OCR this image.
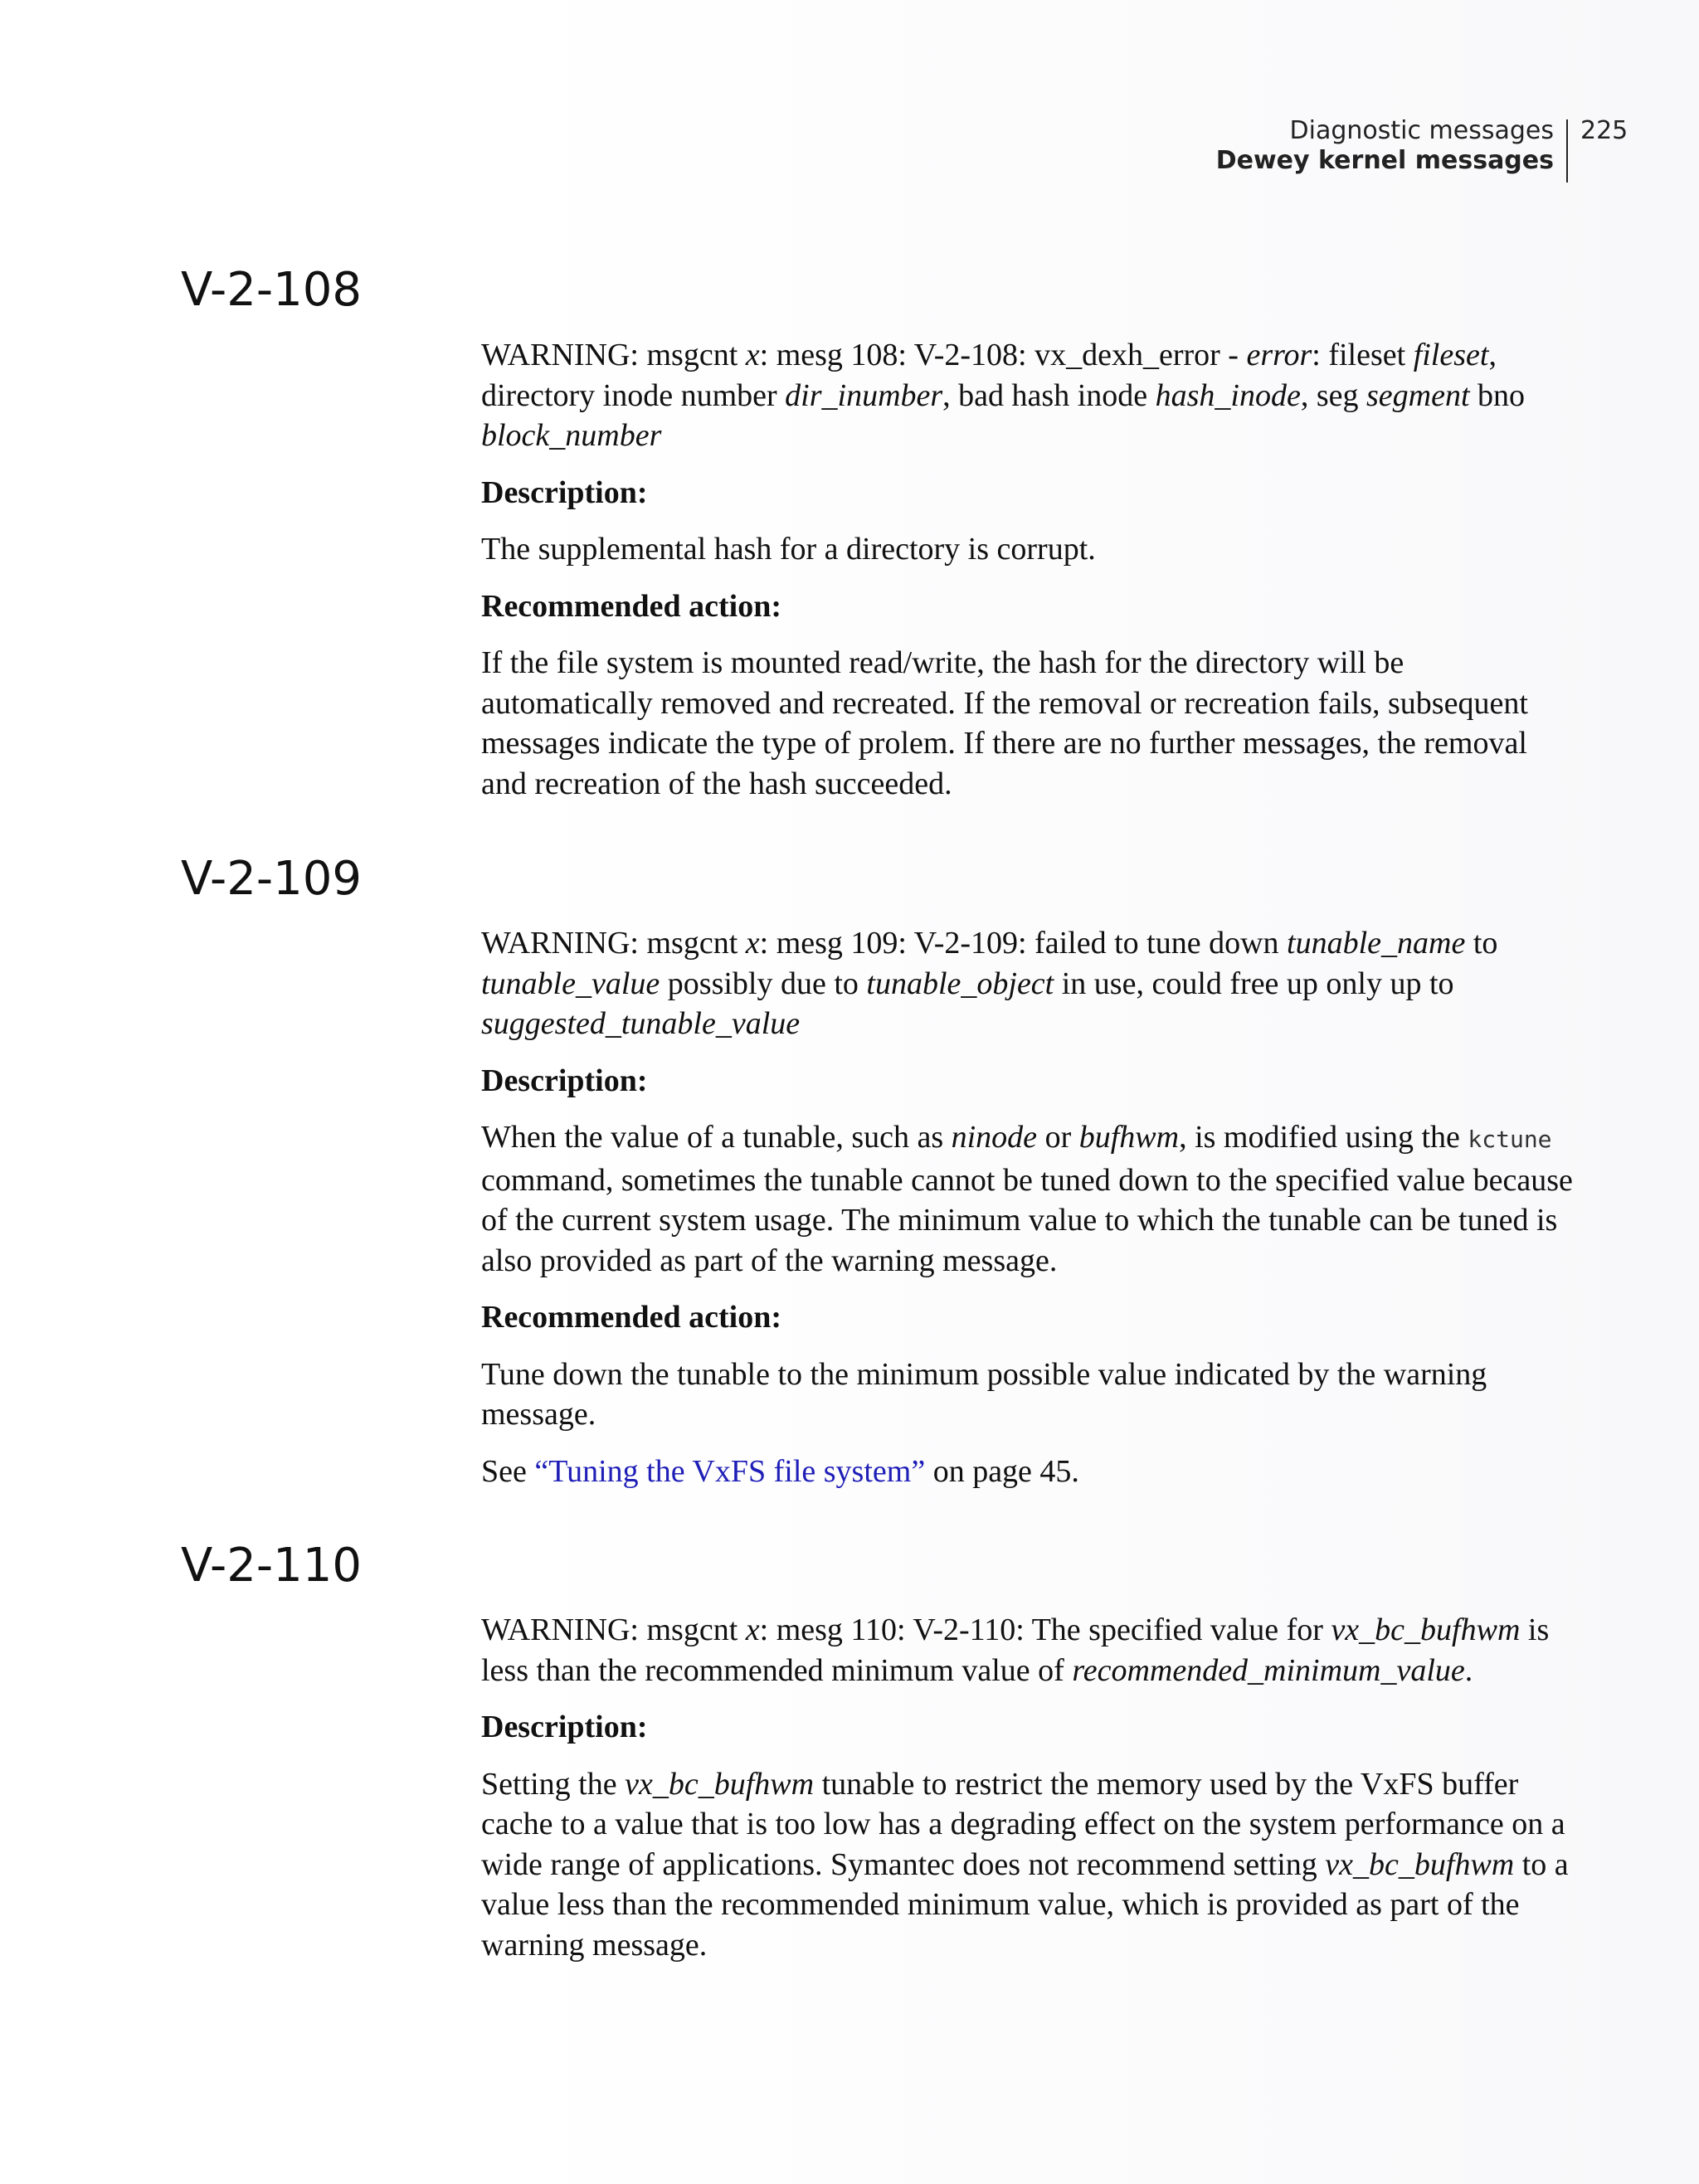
Diagnostic messages
Dewey kernel messages
225
V-2-108

WARNING: msgcnt x: mesg 108: V-2-108: vx_dexh_error - error: fileset fileset, directory inode number dir_inumber, bad hash inode hash_inode, seg segment bno block_number

Description:

The supplemental hash for a directory is corrupt.

Recommended action:

If the file system is mounted read/write, the hash for the directory will be automatically removed and recreated. If the removal or recreation fails, subsequent messages indicate the type of prolem. If there are no further messages, the removal and recreation of the hash succeeded.

V-2-109

WARNING: msgcnt x: mesg 109: V-2-109: failed to tune down tunable_name to tunable_value possibly due to tunable_object in use, could free up only up to suggested_tunable_value

Description:

When the value of a tunable, such as ninode or bufhwm, is modified using the kctune command, sometimes the tunable cannot be tuned down to the specified value because of the current system usage. The minimum value to which the tunable can be tuned is also provided as part of the warning message.

Recommended action:

Tune down the tunable to the minimum possible value indicated by the warning message.

See “Tuning the VxFS file system” on page 45.

V-2-110

WARNING: msgcnt x: mesg 110: V-2-110: The specified value for vx_bc_bufhwm is less than the recommended minimum value of recommended_minimum_value.

Description:

Setting the vx_bc_bufhwm tunable to restrict the memory used by the VxFS buffer cache to a value that is too low has a degrading effect on the system performance on a wide range of applications. Symantec does not recommend setting vx_bc_bufhwm to a value less than the recommended minimum value, which is provided as part of the warning message.
